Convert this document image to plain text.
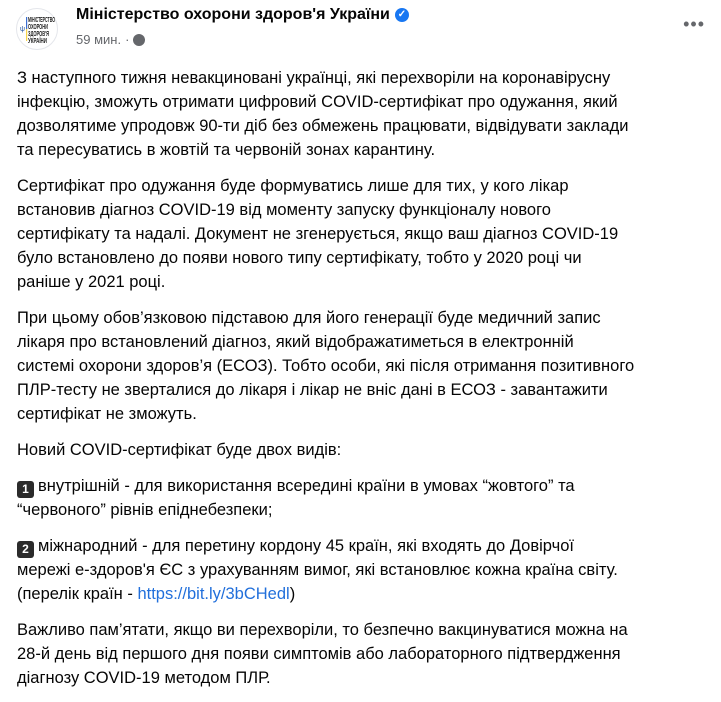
ψ
МІНІСТЕРСТВО
ОХОРОНИ
ЗДОРОВ'Я
УКРАЇНИ
Міністерство охорони здоров'я України ✓
59 мин. ·
•••
З наступного тижня невакциновані українці, які перехворіли на коронавірусну
інфекцію, зможуть отримати цифровий COVID-сертифікат про одужання, який
дозволятиме упродовж 90-ти діб без обмежень працювати, відвідувати заклади
та пересуватись в жовтій та червоній зонах карантину.
Сертифікат про одужання буде формуватись лише для тих, у кого лікар
встановив діагноз COVID-19 від моменту запуску функціоналу нового
сертифікату та надалі. Документ не згенерується, якщо ваш діагноз COVID-19
було встановлено до появи нового типу сертифікату, тобто у 2020 році чи
раніше у 2021 році.
При цьому обов’язковою підставою для його генерації буде медичний запис
лікаря про встановлений діагноз, який відображатиметься в електронній
системі охорони здоров’я (ЕСОЗ). Тобто особи, які після отримання позитивного
ПЛР-тесту не зверталися до лікаря і лікар не вніс дані в ЕСОЗ - завантажити
сертифікат не зможуть.
Новий COVID-сертифікат буде двох видів:
1 внутрішній - для використання всередині країни в умовах “жовтого” та
“червоного” рівнів епіднебезпеки;
2 міжнародний - для перетину кордону 45 країн, які входять до Довірчої
мережі е-здоров'я ЄС з урахуванням вимог, які встановлює кожна країна світу.
(перелік країн - https://bit.ly/3bCHedl)
Важливо пам’ятати, якщо ви перехворіли, то безпечно вакцинуватися можна на
28-й день від першого дня появи симптомів або лабораторного підтвердження
діагнозу COVID-19 методом ПЛР.
